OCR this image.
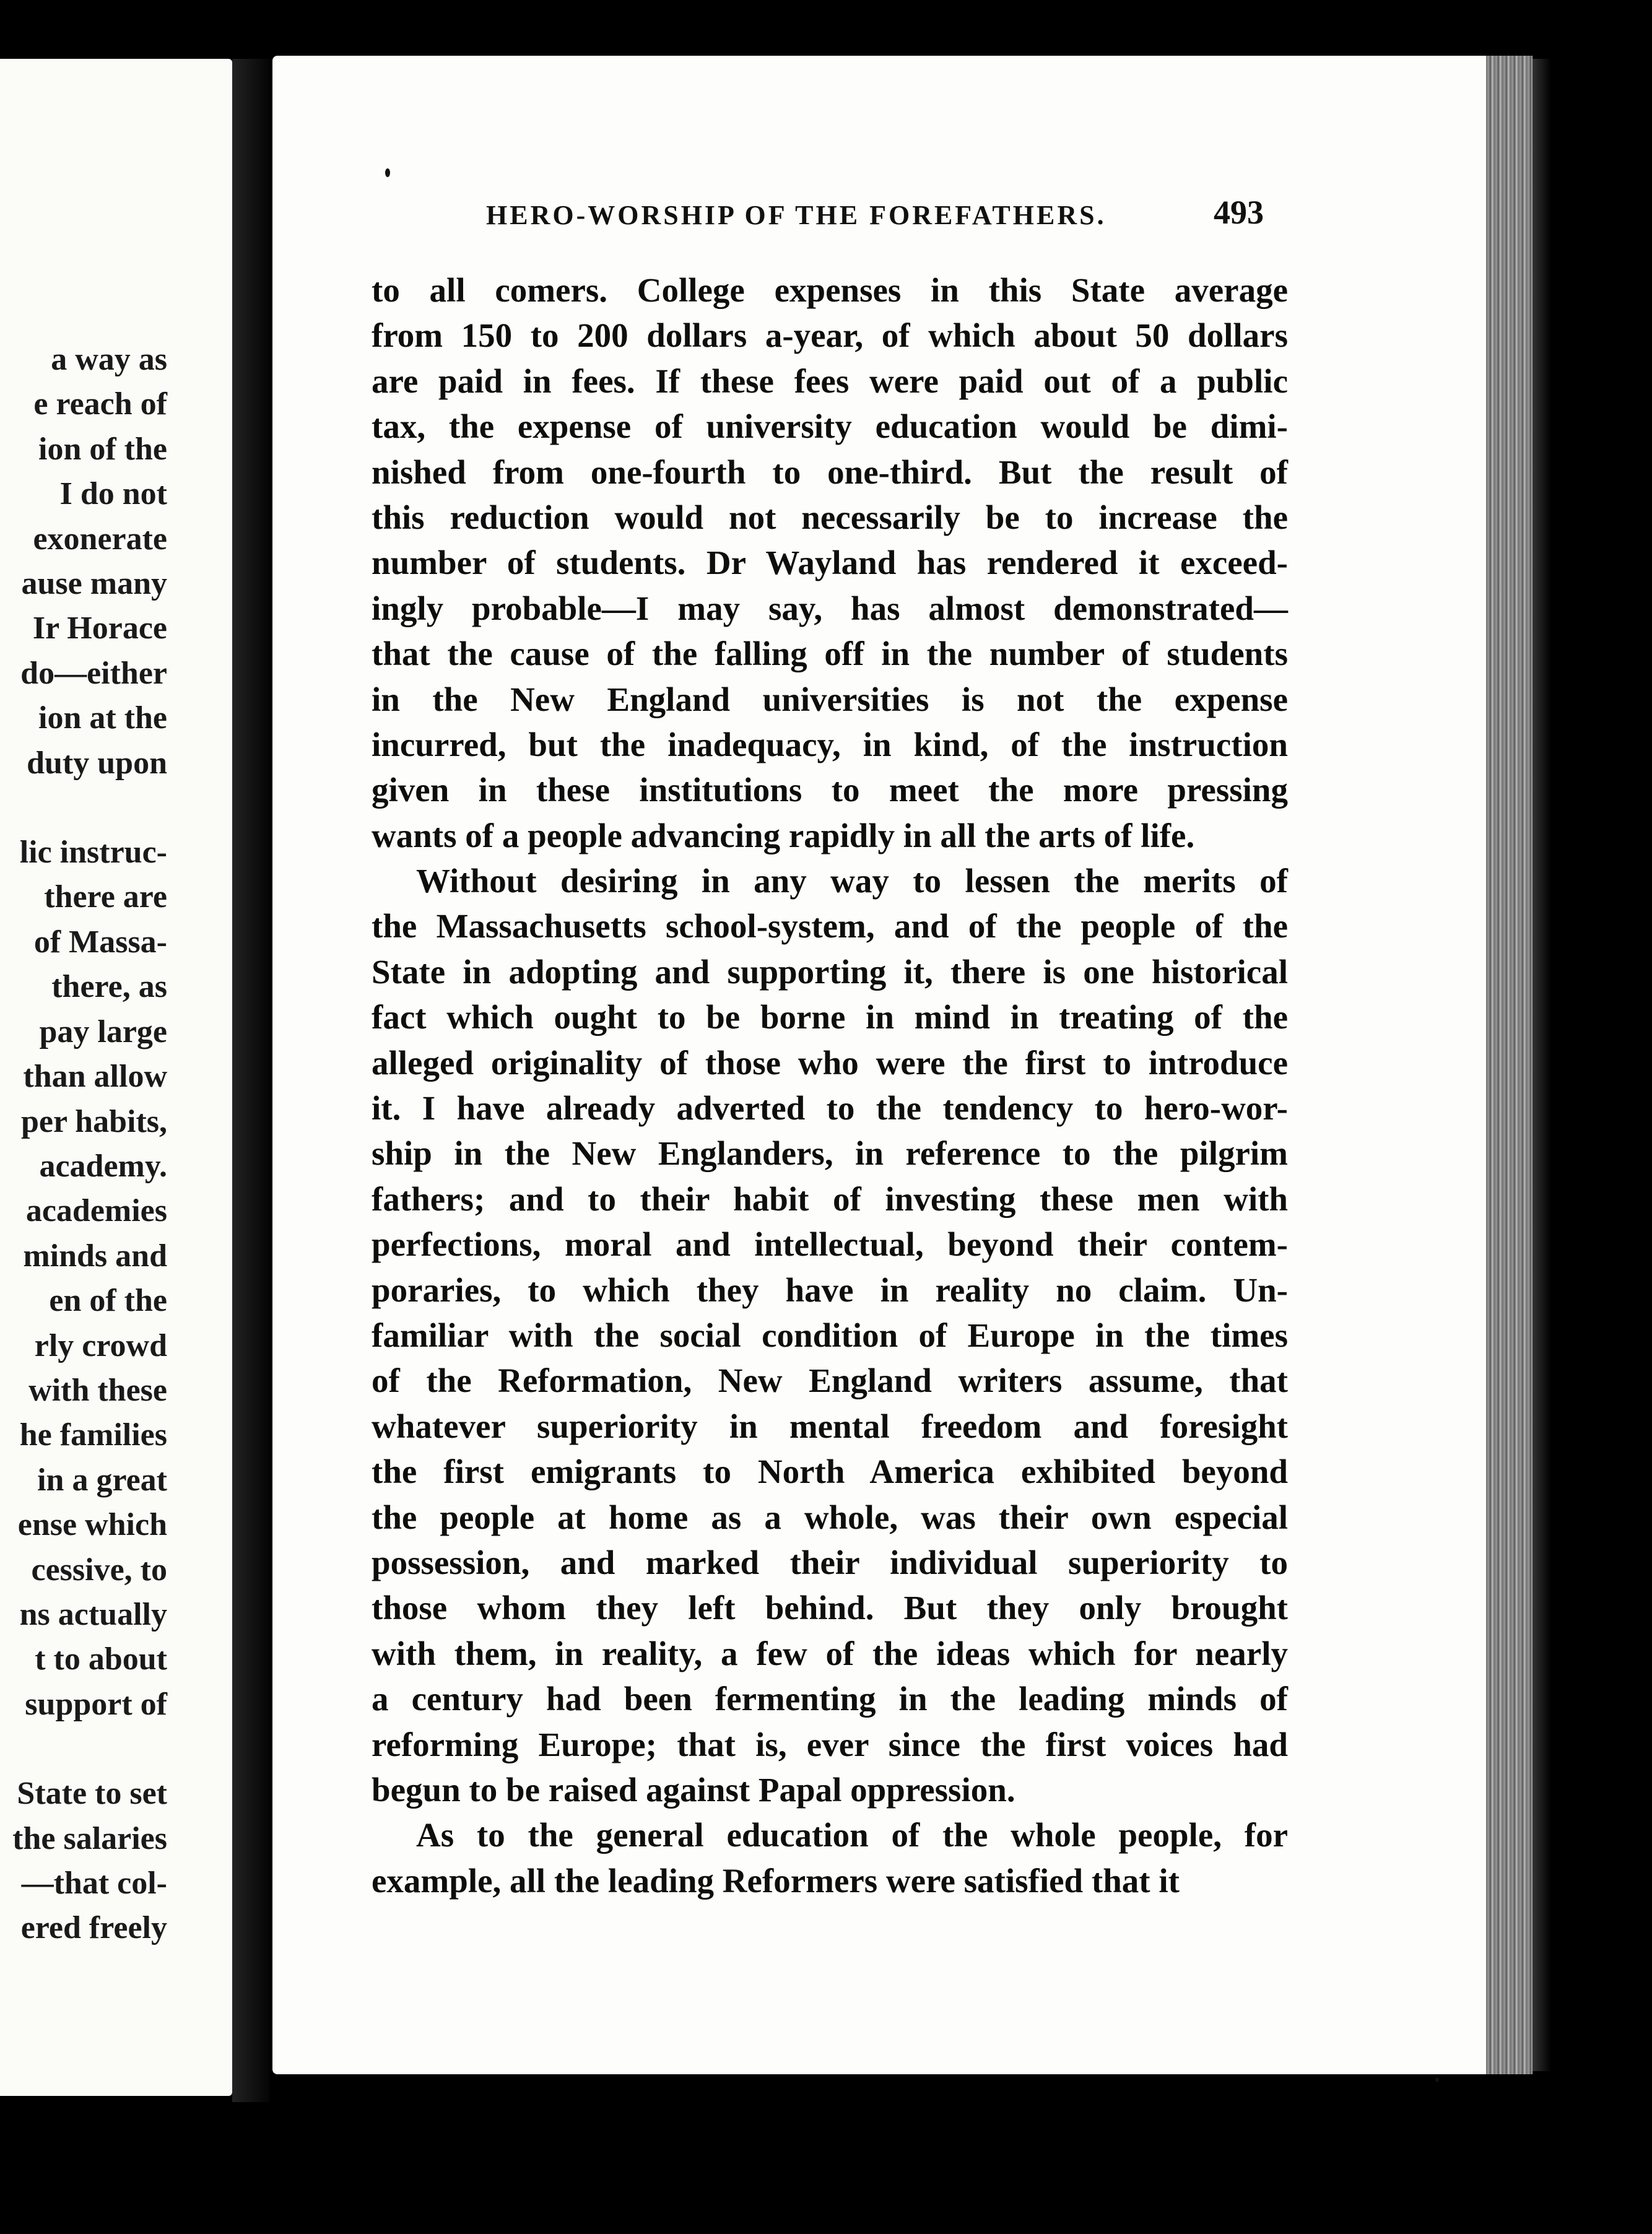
a way as
e reach of
ion of the
I do not
exonerate
ause many
Ir Horace
do—either
ion at the
duty upon
lic instruc-
there are
of Massa-
there, as
pay large
than allow
per habits,
academy.
academies
minds and
en of the
rly crowd
with these
he families
in a great
ense which
cessive, to
ns actually
t to about
support of
State to set
the salaries
—that col-
ered freely
HERO-WORSHIP OF THE FOREFATHERS.	493
to all comers. College expenses in this State average
from 150 to 200 dollars a-year, of which about 50 dollars
are paid in fees. If these fees were paid out of a public
tax, the expense of university education would be dimi-
nished from one-fourth to one-third. But the result of
this reduction would not necessarily be to increase the
number of students. Dr Wayland has rendered it exceed-
ingly probable—I may say, has almost demonstrated—
that the cause of the falling off in the number of students
in the New England universities is not the expense
incurred, but the inadequacy, in kind, of the instruction
given in these institutions to meet the more pressing
wants of a people advancing rapidly in all the arts of life.
Without desiring in any way to lessen the merits of
the Massachusetts school-system, and of the people of the
State in adopting and supporting it, there is one historical
fact which ought to be borne in mind in treating of the
alleged originality of those who were the first to introduce
it. I have already adverted to the tendency to hero-wor-
ship in the New Englanders, in reference to the pilgrim
fathers; and to their habit of investing these men with
perfections, moral and intellectual, beyond their contem-
poraries, to which they have in reality no claim. Un-
familiar with the social condition of Europe in the times
of the Reformation, New England writers assume, that
whatever superiority in mental freedom and foresight
the first emigrants to North America exhibited beyond
the people at home as a whole, was their own especial
possession, and marked their individual superiority to
those whom they left behind. But they only brought
with them, in reality, a few of the ideas which for nearly
a century had been fermenting in the leading minds of
reforming Europe; that is, ever since the first voices had
begun to be raised against Papal oppression.
As to the general education of the whole people, for
example, all the leading Reformers were satisfied that it
